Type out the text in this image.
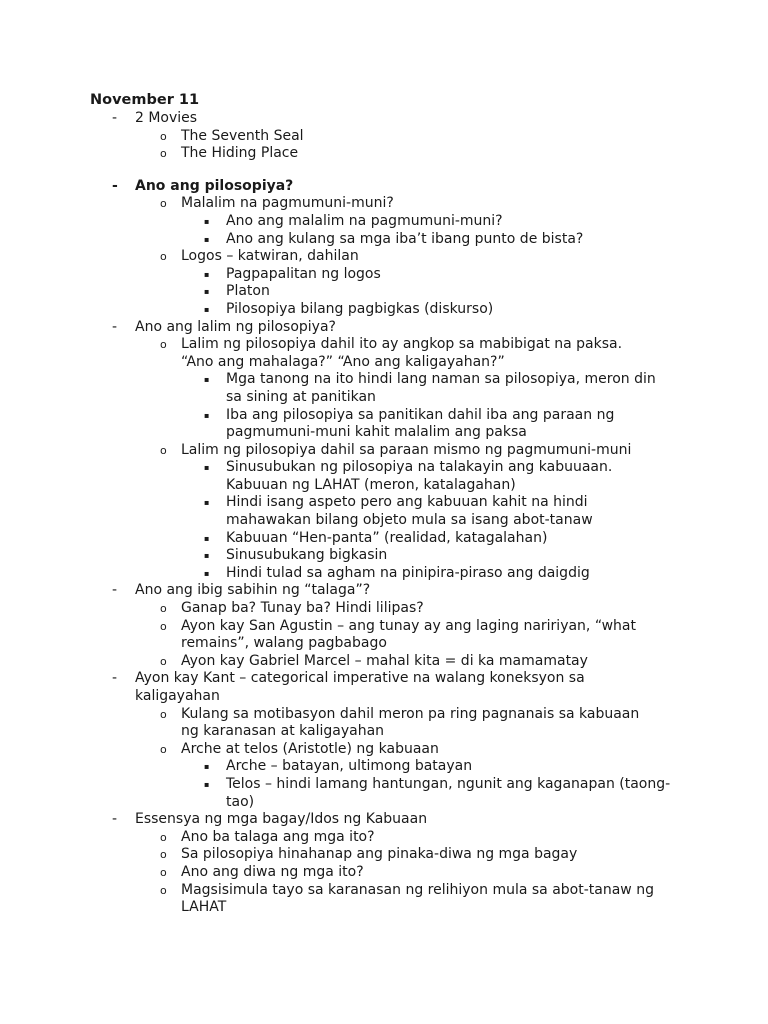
November 11
- 2 Movies
o The Seventh Seal
o The Hiding Place
- Ano ang pilosopiya?
o Malalim na pagmumuni-muni?
▪ Ano ang malalim na pagmumuni-muni?
▪ Ano ang kulang sa mga iba’t ibang punto de bista?
o Logos – katwiran, dahilan
▪ Pagpapalitan ng logos
▪ Platon
▪ Pilosopiya bilang pagbigkas (diskurso)
- Ano ang lalim ng pilosopiya?
o Lalim ng pilosopiya dahil ito ay angkop sa mabibigat na paksa. “Ano ang mahalaga?” “Ano ang kaligayahan?”
▪ Mga tanong na ito hindi lang naman sa pilosopiya, meron din sa sining at panitikan
▪ Iba ang pilosopiya sa panitikan dahil iba ang paraan ng pagmumuni-muni kahit malalim ang paksa
o Lalim ng pilosopiya dahil sa paraan mismo ng pagmumuni-muni
▪ Sinusubukan ng pilosopiya na talakayin ang kabuuaan. Kabuuan ng LAHAT (meron, katalagahan)
▪ Hindi isang aspeto pero ang kabuuan kahit na hindi mahawakan bilang objeto mula sa isang abot-tanaw
▪ Kabuuan “Hen-panta” (realidad, katagalahan)
▪ Sinusubukang bigkasin
▪ Hindi tulad sa agham na pinipira-piraso ang daigdig
- Ano ang ibig sabihin ng “talaga”?
o Ganap ba? Tunay ba? Hindi lilipas?
o Ayon kay San Agustin – ang tunay ay ang laging naririyan, “what remains”, walang pagbabago
o Ayon kay Gabriel Marcel – mahal kita = di ka mamamatay
- Ayon kay Kant – categorical imperative na walang koneksyon sa kaligayahan
o Kulang sa motibasyon dahil meron pa ring pagnanais sa kabuaan ng karanasan at kaligayahan
o Arche at telos (Aristotle) ng kabuaan
▪ Arche – batayan, ultimong batayan
▪ Telos – hindi lamang hantungan, ngunit ang kaganapan (taong-tao)
- Essensya ng mga bagay/Idos ng Kabuaan
o Ano ba talaga ang mga ito?
o Sa pilosopiya hinahanap ang pinaka-diwa ng mga bagay
o Ano ang diwa ng mga ito?
o Magsisimula tayo sa karanasan ng relihiyon mula sa abot-tanaw ng LAHAT
